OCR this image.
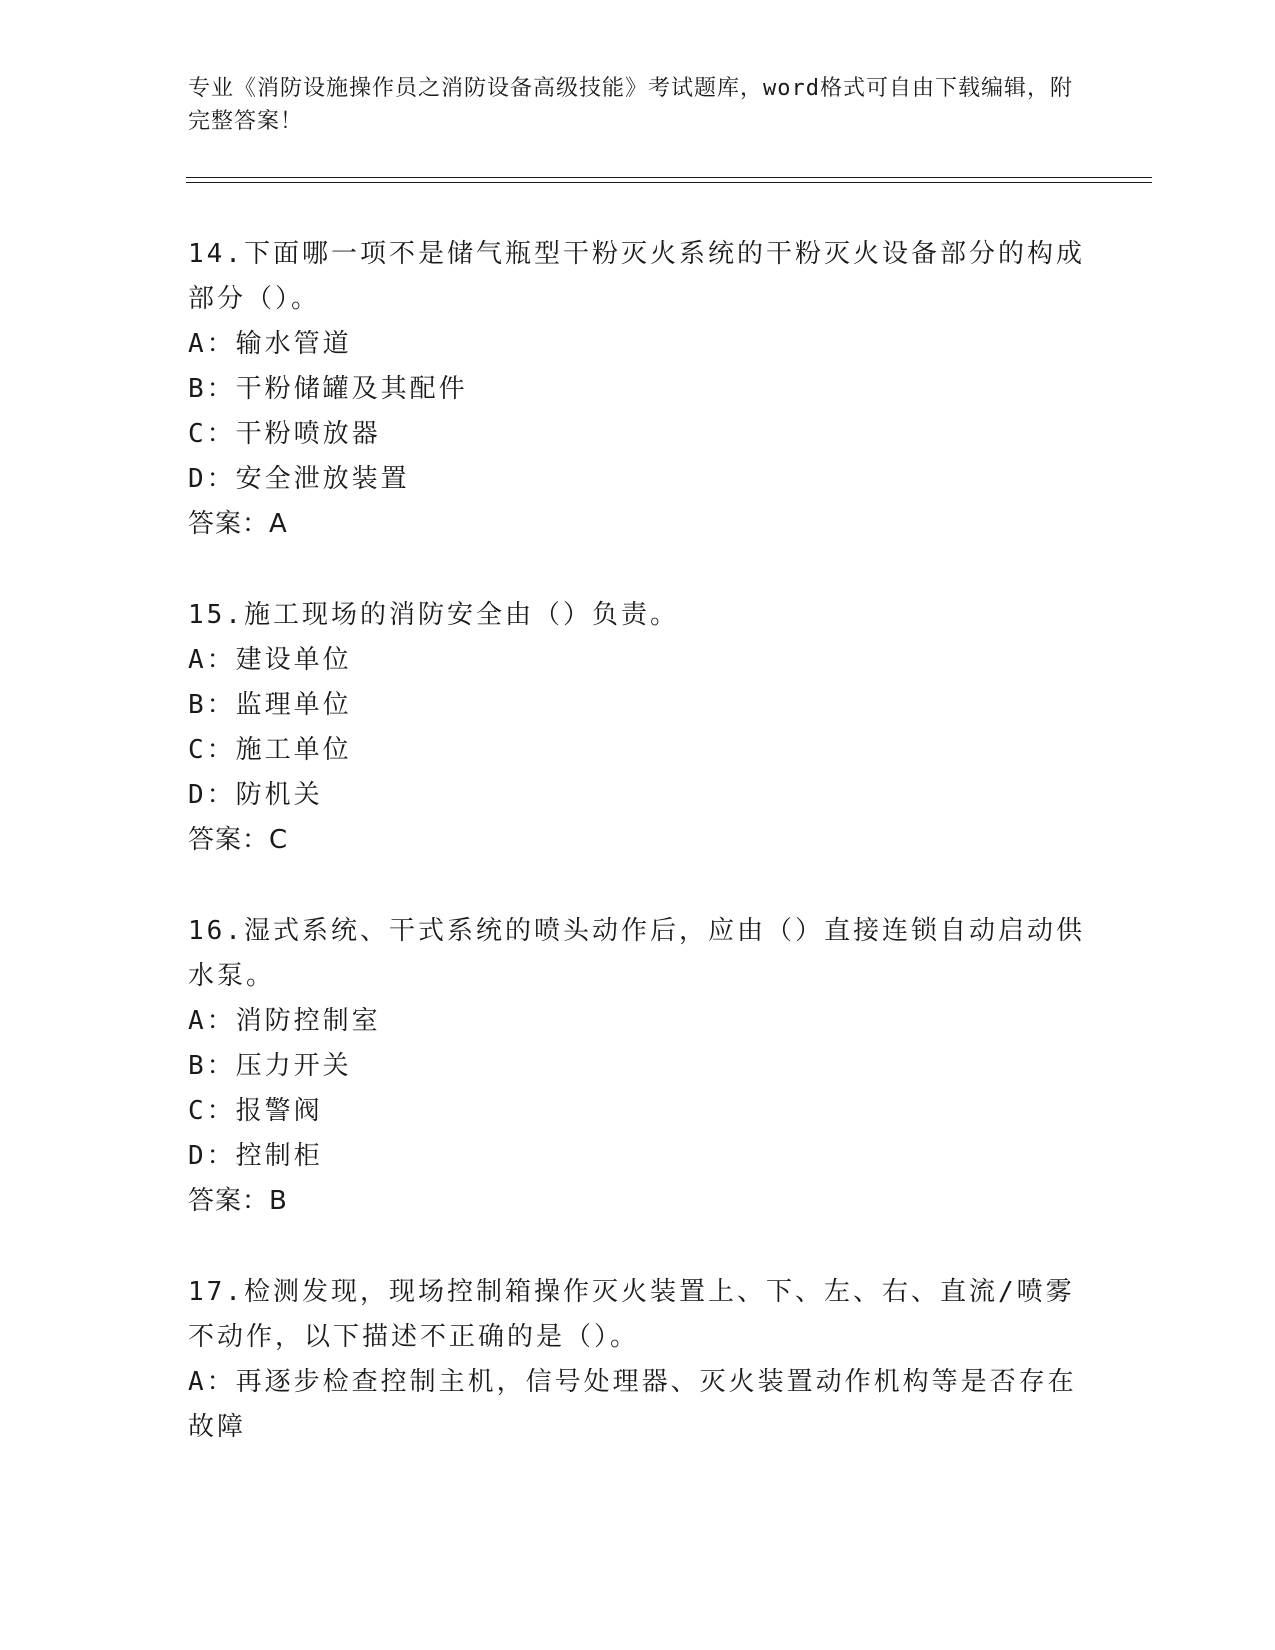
专业《消防设施操作员之消防设备高级技能》考试题库，word格式可自由下载编辑，附完整答案！

14.下面哪一项不是储气瓶型干粉灭火系统的干粉灭火设备部分的构成部分（）。

A：输水管道

B：干粉储罐及其配件

C：干粉喷放器

D：安全泄放装置

答案：A

15.施工现场的消防安全由（）负责。

A：建设单位

B：监理单位

C：施工单位

D：防机关

答案：C

16.湿式系统、干式系统的喷头动作后，应由（）直接连锁自动启动供水泵。

A：消防控制室

B：压力开关

C：报警阀

D：控制柜

答案：B

17.检测发现，现场控制箱操作灭火装置上、下、左、右、直流/喷雾不动作，以下描述不正确的是（）。

A：再逐步检查控制主机，信号处理器、灭火装置动作机构等是否存在故障
